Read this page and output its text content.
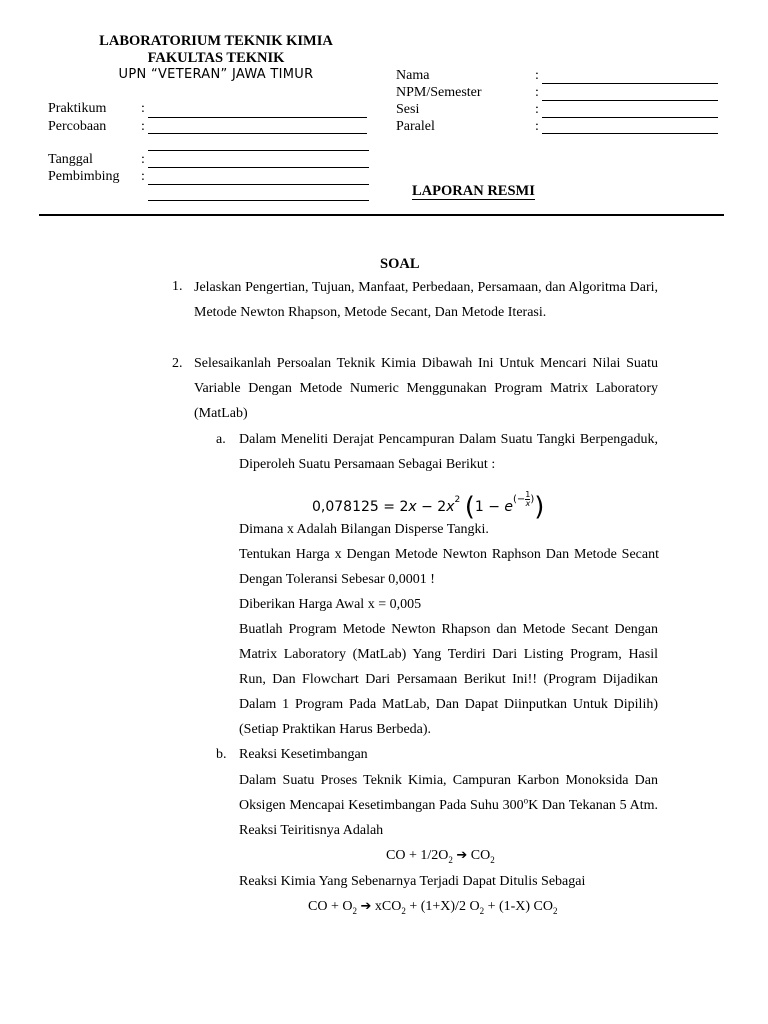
LABORATORIUM TEKNIK KIMIA
FAKULTAS TEKNIK
UPN “VETERAN” JAWA TIMUR
Praktikum :
Percobaan :
Tanggal	:
Pembimbing :
Nama	:
NPM/Semester	:
Sesi	:
Paralel	:
LAPORAN RESMI
SOAL
1. Jelaskan Pengertian, Tujuan, Manfaat, Perbedaan, Persamaan, dan Algoritma Dari, Metode Newton Rhapson, Metode Secant, Dan Metode Iterasi.
2. Selesaikanlah Persoalan Teknik Kimia Dibawah Ini Untuk Mencari Nilai Suatu Variable Dengan Metode Numeric Menggunakan Program Matrix Laboratory (MatLab)
a. Dalam Meneliti Derajat Pencampuran Dalam Suatu Tangki Berpengaduk, Diperoleh Suatu Persamaan Sebagai Berikut :
$0,078125 = 2x - 2x^2$ $(1 - e^{(- \frac{1}{x} )})$
Dimana x Adalah Bilangan Disperse Tangki.
Tentukan Harga x Dengan Metode Newton Raphson Dan Metode Secant Dengan Toleransi Sebesar 0,0001 !
Diberikan Harga Awal x = 0,005
Buatlah Program Metode Newton Rhapson dan Metode Secant Dengan Matrix Laboratory (MatLab) Yang Terdiri Dari Listing Program, Hasil Run, Dan Flowchart Dari Persamaan Berikut Ini!! (Program Dijadikan Dalam 1 Program Pada MatLab, Dan Dapat Diinputkan Untuk Dipilih) (Setiap Praktikan Harus Berbeda).
b. Reaksi Kesetimbangan
Dalam Suatu Proses Teknik Kimia, Campuran Karbon Monoksida Dan Oksigen Mencapai Kesetimbangan Pada Suhu 300$^o$K Dan Tekanan 5 Atm. Reaksi Teiritisnya Adalah
CO + $1/2O_2$ ➔ $CO_2$
Reaksi Kimia Yang Sebenarnya Terjadi Dapat Ditulis Sebagai
CO + $O_2$ ➔ xCO$_2$ + (1+X)/2 $O_2 + (1-X)$ $CO_2$
